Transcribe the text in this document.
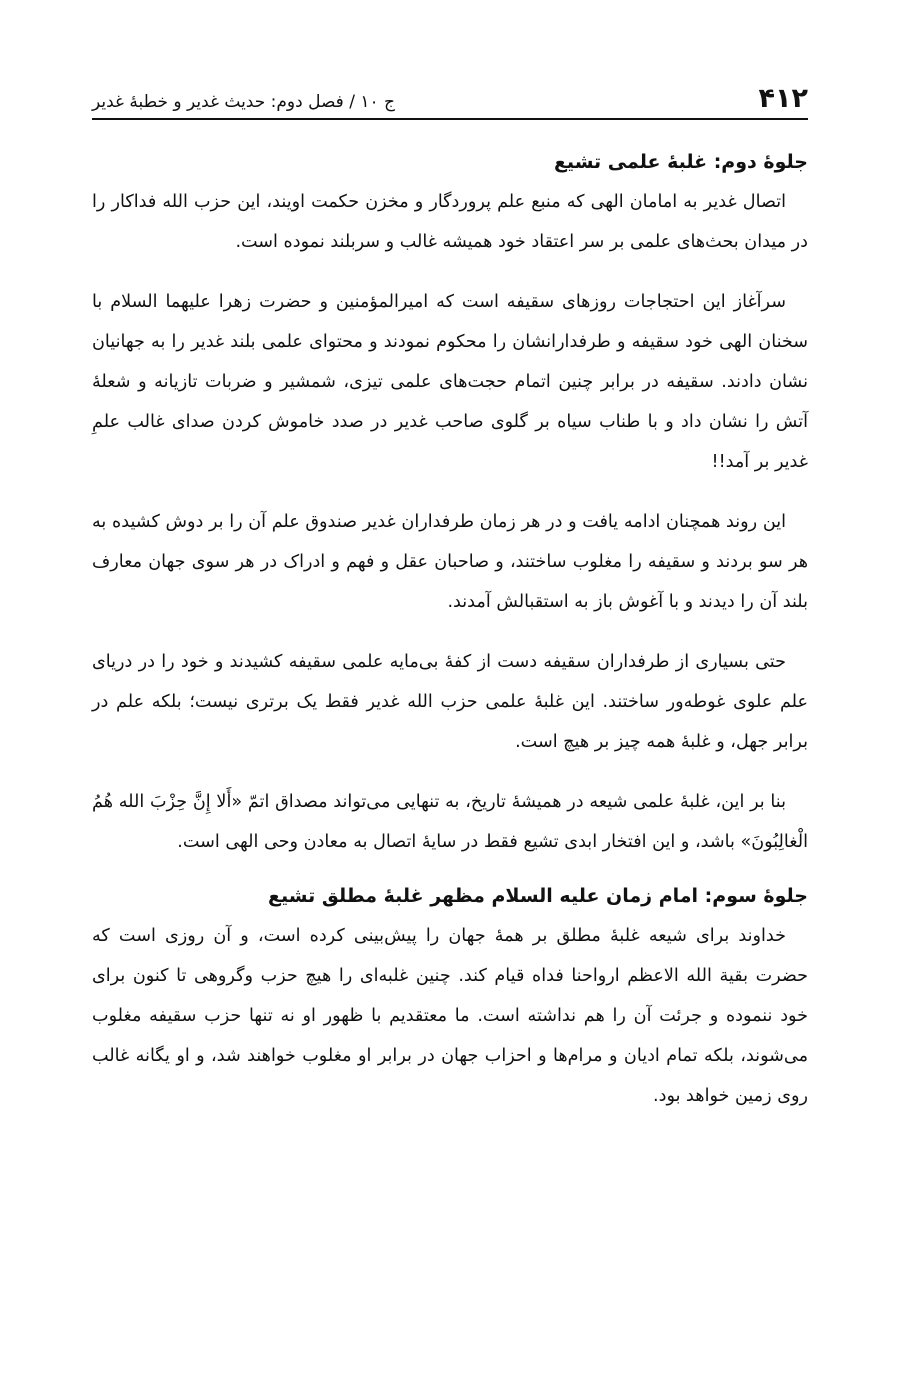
۴۱۲
ج ۱۰ / فصل دوم: حدیث غدیر و خطبهٔ غدیر
جلوهٔ دوم: غلبهٔ علمی تشیع

اتصال غدیر به امامان الهی که منبع علم پروردگار و مخزن حکمت اویند، این حزب الله فداکار را در میدان بحث‌های علمی بر سر اعتقاد خود همیشه غالب و سربلند نموده است.

سرآغاز این احتجاجات روزهای سقیفه است که امیرالمؤمنین و حضرت زهرا علیهما السلام با سخنان الهی خود سقیفه و طرفدارانشان را محکوم نمودند و محتوای علمی بلند غدیر را به جهانیان نشان دادند. سقیفه در برابر چنین اتمام حجت‌های علمی تیزی، شمشیر و ضربات تازیانه و شعلهٔ آتش را نشان داد و با طناب سیاه بر گلوی صاحب غدیر در صدد خاموش کردن صدای غالب علمِ غدیر بر آمد!!

این روند همچنان ادامه یافت و در هر زمان طرفداران غدیر صندوق علم آن را بر دوش کشیده به هر سو بردند و سقیفه را مغلوب ساختند، و صاحبان عقل و فهم و ادراک در هر سوی جهان معارف بلند آن را دیدند و با آغوش باز به استقبالش آمدند.

حتی بسیاری از طرفداران سقیفه دست از کفهٔ بی‌مایه علمی سقیفه کشیدند و خود را در دریای علم علوی غوطه‌ور ساختند. این غلبهٔ علمی حزب الله غدیر فقط یک برتری نیست؛ بلکه علم در برابر جهل، و غلبهٔ همه چیز بر هیچ است.

بنا بر این، غلبهٔ علمی شیعه در همیشهٔ تاریخ، به تنهایی می‌تواند مصداق اتمّ «أَلا إِنَّ حِزْبَ الله هُمُ الْغالِبُونَ» باشد، و این افتخار ابدی تشیع فقط در سایهٔ اتصال به معادن وحی الهی است.

جلوهٔ سوم: امام زمان عليه السلام مظهر غلبهٔ مطلق تشیع

خداوند برای شیعه غلبهٔ مطلق بر همهٔ جهان را پیش‌بینی کرده است، و آن روزی است که حضرت بقیة الله الاعظم ارواحنا فداه قیام کند. چنین غلبه‌ای را هیچ حزب وگروهی تا کنون برای خود ننموده و جرئت آن را هم نداشته است. ما معتقدیم با ظهور او نه تنها حزب سقیفه مغلوب می‌شوند، بلکه تمام ادیان و مرام‌ها و احزاب جهان در برابر او مغلوب خواهند شد، و او یگانه غالب روی زمین خواهد بود.
